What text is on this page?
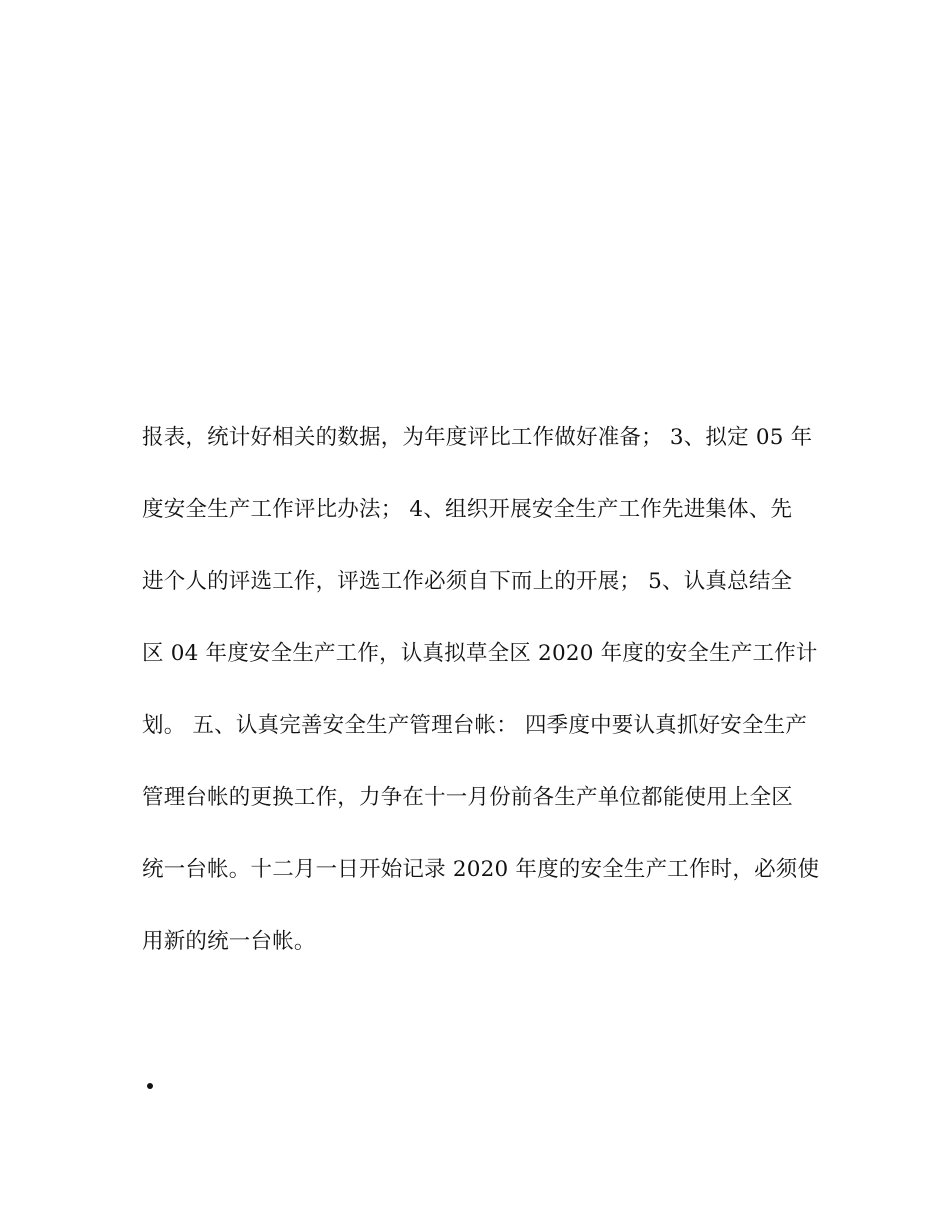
报表，统计好相关的数据，为年度评比工作做好准备； 3、拟定 05 年
度安全生产工作评比办法； 4、组织开展安全生产工作先进集体、先
进个人的评选工作，评选工作必须自下而上的开展； 5、认真总结全
区 04 年度安全生产工作，认真拟草全区 2020 年度的安全生产工作计
划。 五、认真完善安全生产管理台帐： 四季度中要认真抓好安全生产
管理台帐的更换工作，力争在十一月份前各生产单位都能使用上全区
统一台帐。十二月一日开始记录 2020 年度的安全生产工作时，必须使
用新的统一台帐。
